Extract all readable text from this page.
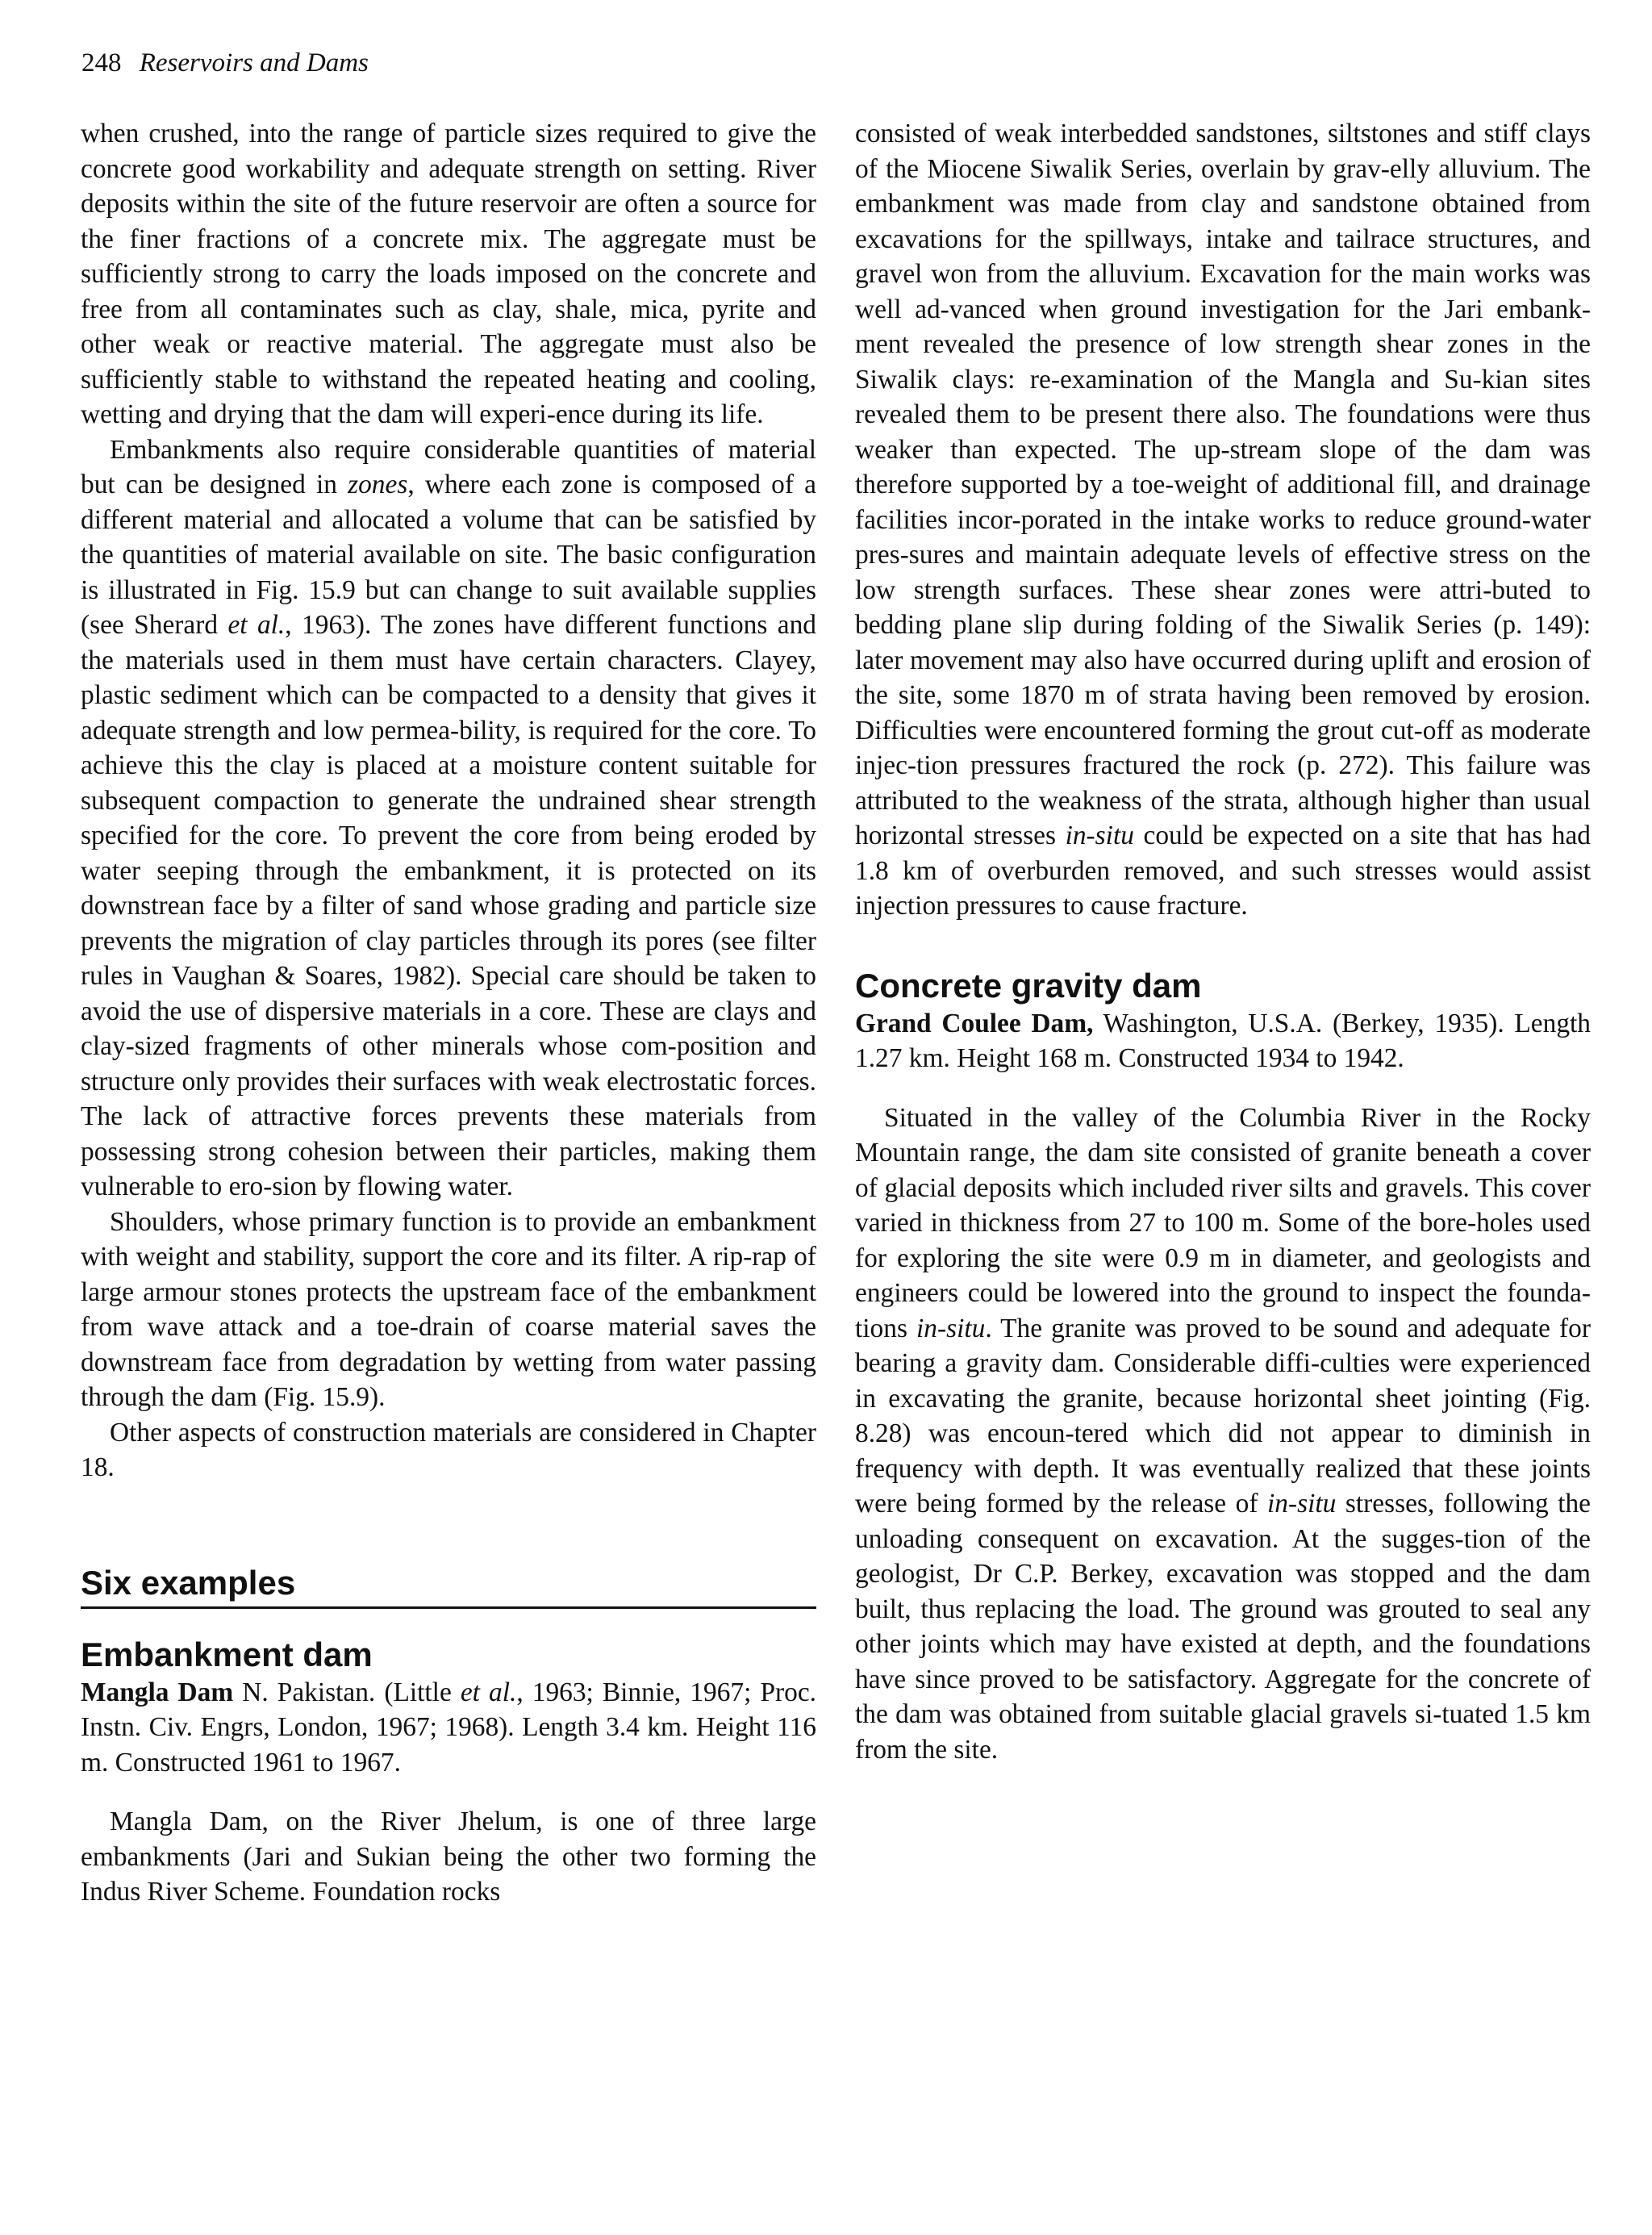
248 Reservoirs and Dams

when crushed, into the range of particle sizes required to give the concrete good workability and adequate strength on setting. River deposits within the site of the future reservoir are often a source for the finer fractions of a concrete mix. The aggregate must be sufficiently strong to carry the loads imposed on the concrete and free from all contaminates such as clay, shale, mica, pyrite and other weak or reactive material. The aggregate must also be sufficiently stable to withstand the repeated heating and cooling, wetting and drying that the dam will experi-ence during its life.

Embankments also require considerable quantities of material but can be designed in zones, where each zone is composed of a different material and allocated a volume that can be satisfied by the quantities of material available on site. The basic configuration is illustrated in Fig. 15.9 but can change to suit available supplies (see Sherard et al., 1963). The zones have different functions and the materials used in them must have certain characters. Clayey, plastic sediment which can be compacted to a density that gives it adequate strength and low permea-bility, is required for the core. To achieve this the clay is placed at a moisture content suitable for subsequent compaction to generate the undrained shear strength specified for the core. To prevent the core from being eroded by water seeping through the embankment, it is protected on its downstrean face by a filter of sand whose grading and particle size prevents the migration of clay particles through its pores (see filter rules in Vaughan & Soares, 1982). Special care should be taken to avoid the use of dispersive materials in a core. These are clays and clay-sized fragments of other minerals whose com-position and structure only provides their surfaces with weak electrostatic forces. The lack of attractive forces prevents these materials from possessing strong cohesion between their particles, making them vulnerable to ero-sion by flowing water.

Shoulders, whose primary function is to provide an embankment with weight and stability, support the core and its filter. A rip-rap of large armour stones protects the upstream face of the embankment from wave attack and a toe-drain of coarse material saves the downstream face from degradation by wetting from water passing through the dam (Fig. 15.9).

Other aspects of construction materials are considered in Chapter 18.

Six examples
Embankment dam

Mangla Dam N. Pakistan. (Little et al., 1963; Binnie, 1967; Proc. Instn. Civ. Engrs, London, 1967; 1968). Length 3.4 km. Height 116 m. Constructed 1961 to 1967.

Mangla Dam, on the River Jhelum, is one of three large embankments (Jari and Sukian being the other two forming the Indus River Scheme. Foundation rocks

consisted of weak interbedded sandstones, siltstones and stiff clays of the Miocene Siwalik Series, overlain by grav-elly alluvium. The embankment was made from clay and sandstone obtained from excavations for the spillways, intake and tailrace structures, and gravel won from the alluvium. Excavation for the main works was well ad-vanced when ground investigation for the Jari embank-ment revealed the presence of low strength shear zones in the Siwalik clays: re-examination of the Mangla and Su-kian sites revealed them to be present there also. The foundations were thus weaker than expected. The up-stream slope of the dam was therefore supported by a toe-weight of additional fill, and drainage facilities incor-porated in the intake works to reduce ground-water pres-sures and maintain adequate levels of effective stress on the low strength surfaces. These shear zones were attri-buted to bedding plane slip during folding of the Siwalik Series (p. 149): later movement may also have occurred during uplift and erosion of the site, some 1870 m of strata having been removed by erosion. Difficulties were encountered forming the grout cut-off as moderate injec-tion pressures fractured the rock (p. 272). This failure was attributed to the weakness of the strata, although higher than usual horizontal stresses in-situ could be expected on a site that has had 1.8 km of overburden removed, and such stresses would assist injection pressures to cause fracture.

Concrete gravity dam

Grand Coulee Dam, Washington, U.S.A. (Berkey, 1935). Length 1.27 km. Height 168 m. Constructed 1934 to 1942.

Situated in the valley of the Columbia River in the Rocky Mountain range, the dam site consisted of granite beneath a cover of glacial deposits which included river silts and gravels. This cover varied in thickness from 27 to 100 m. Some of the bore-holes used for exploring the site were 0.9 m in diameter, and geologists and engineers could be lowered into the ground to inspect the founda-tions in-situ. The granite was proved to be sound and adequate for bearing a gravity dam. Considerable diffi-culties were experienced in excavating the granite, because horizontal sheet jointing (Fig. 8.28) was encoun-tered which did not appear to diminish in frequency with depth. It was eventually realized that these joints were being formed by the release of in-situ stresses, following the unloading consequent on excavation. At the sugges-tion of the geologist, Dr C.P. Berkey, excavation was stopped and the dam built, thus replacing the load. The ground was grouted to seal any other joints which may have existed at depth, and the foundations have since proved to be satisfactory. Aggregate for the concrete of the dam was obtained from suitable glacial gravels si-tuated 1.5 km from the site.
